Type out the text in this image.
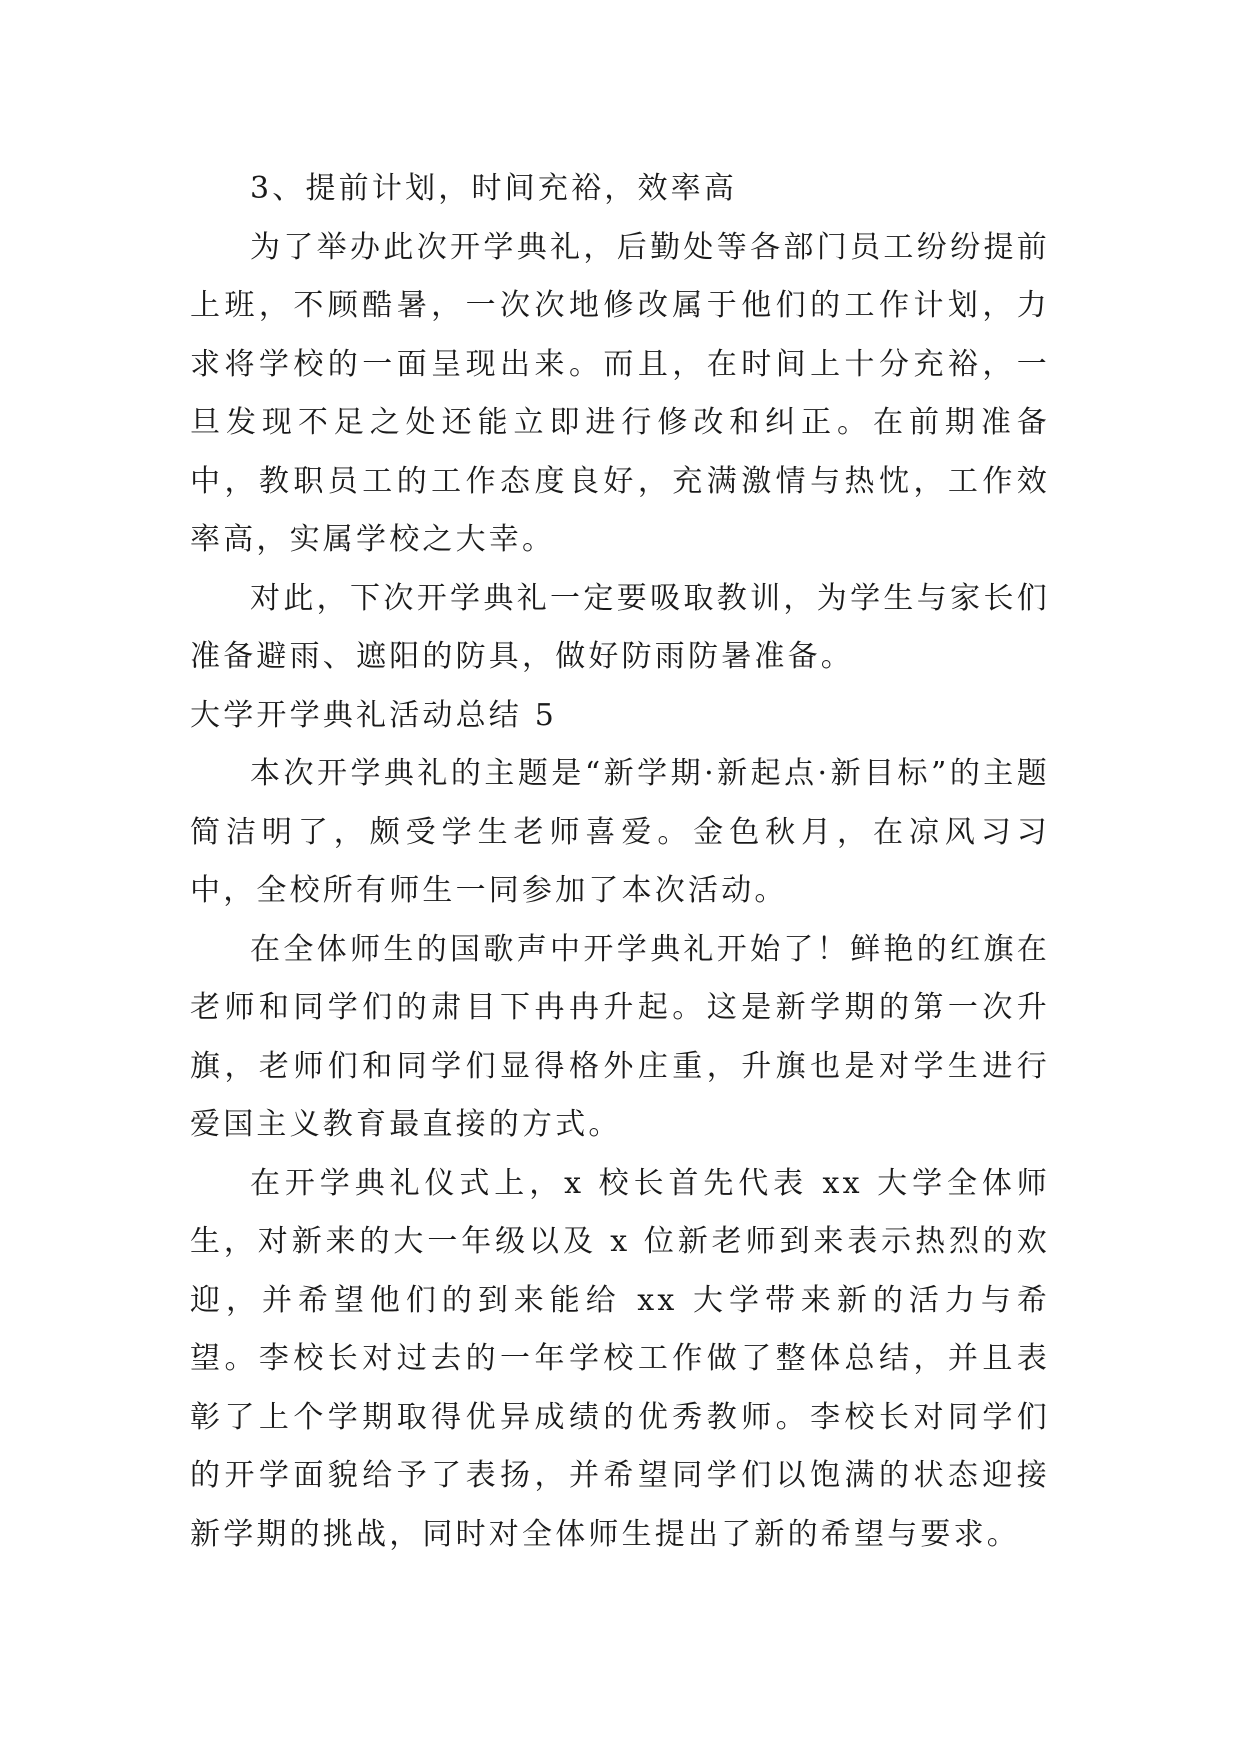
3、提前计划，时间充裕，效率高

为了举办此次开学典礼，后勤处等各部门员工纷纷提前上班，不顾酷暑，一次次地修改属于他们的工作计划，力求将学校的一面呈现出来。而且，在时间上十分充裕，一旦发现不足之处还能立即进行修改和纠正。在前期准备中，教职员工的工作态度良好，充满激情与热忱，工作效率高，实属学校之大幸。

对此，下次开学典礼一定要吸取教训，为学生与家长们准备避雨、遮阳的防具，做好防雨防暑准备。

大学开学典礼活动总结 5

本次开学典礼的主题是“新学期·新起点·新目标”的主题简洁明了，颇受学生老师喜爱。金色秋月，在凉风习习中，全校所有师生一同参加了本次活动。

在全体师生的国歌声中开学典礼开始了！鲜艳的红旗在老师和同学们的肃目下冉冉升起。这是新学期的第一次升旗，老师们和同学们显得格外庄重，升旗也是对学生进行爱国主义教育最直接的方式。

在开学典礼仪式上，x 校长首先代表 xx 大学全体师生，对新来的大一年级以及 x 位新老师到来表示热烈的欢迎，并希望他们的到来能给 xx 大学带来新的活力与希望。李校长对过去的一年学校工作做了整体总结，并且表彰了上个学期取得优异成绩的优秀教师。李校长对同学们的开学面貌给予了表扬，并希望同学们以饱满的状态迎接新学期的挑战，同时对全体师生提出了新的希望与要求。
